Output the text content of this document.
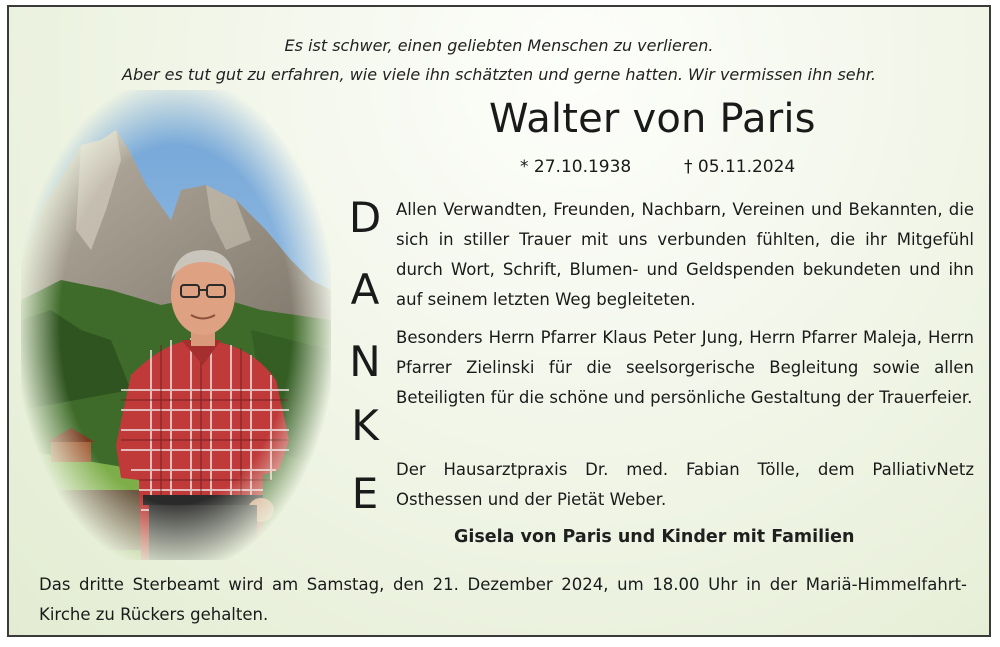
Es ist schwer, einen geliebten Menschen zu verlieren.
Aber es tut gut zu erfahren, wie viele ihn schätzten und gerne hatten. Wir vermissen ihn sehr.
Walter von Paris
* 27.10.1938	† 05.11.2024
D
A
N
K
E

Allen Verwandten, Freunden, Nachbarn, Vereinen und Bekannten, die sich in stiller Trauer mit uns verbunden fühlten, die ihr Mitgefühl durch Wort, Schrift, Blumen- und Geldspenden bekundeten und ihn auf seinem letzten Weg begleiteten.

Besonders Herrn Pfarrer Klaus Peter Jung, Herrn Pfarrer Maleja, Herrn Pfarrer Zielinski für die seelsorgerische Begleitung sowie allen Beteiligten für die schöne und persönliche Gestaltung der Trauerfeier.

Der Hausarztpraxis Dr. med. Fabian Tölle, dem PalliativNetz Osthessen und der Pietät Weber.

Gisela von Paris und Kinder mit Familien

Das dritte Sterbeamt wird am Samstag, den 21. Dezember 2024, um 18.00 Uhr in der Mariä-Himmelfahrt-Kirche zu Rückers gehalten.
